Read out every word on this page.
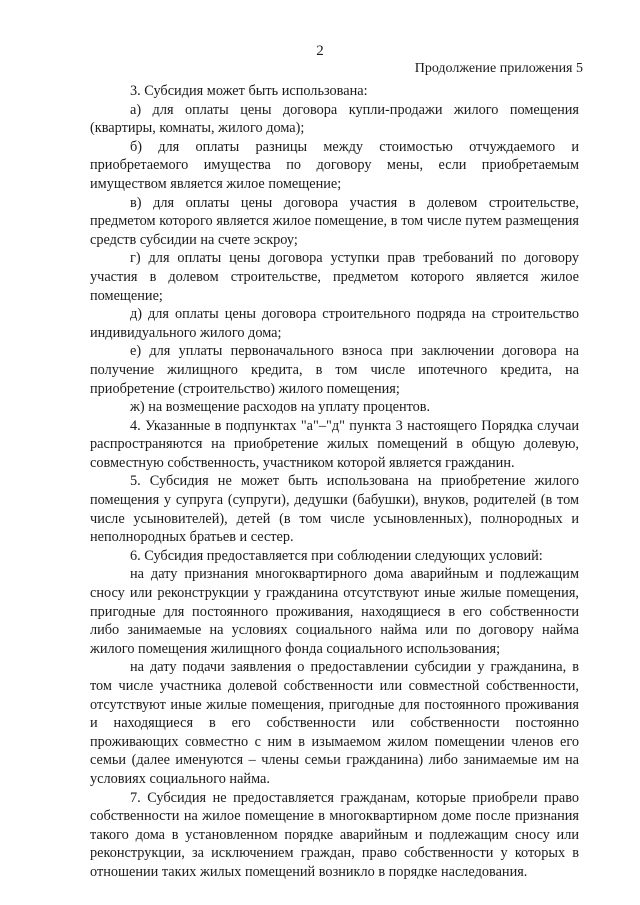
2
Продолжение приложения 5

3. Субсидия может быть использована:

а) для оплаты цены договора купли-продажи жилого помещения (квартиры, комнаты, жилого дома);

б) для оплаты разницы между стоимостью отчуждаемого и приобретаемого имущества по договору мены, если приобретаемым имуществом является жилое помещение;

в) для оплаты цены договора участия в долевом строительстве, предметом которого является жилое помещение, в том числе путем размещения средств субсидии на счете эскроу;

г) для оплаты цены договора уступки прав требований по договору участия в долевом строительстве, предметом которого является жилое помещение;

д) для оплаты цены договора строительного подряда на строительство индивидуального жилого дома;

е) для уплаты первоначального взноса при заключении договора на получение жилищного кредита, в том числе ипотечного кредита, на приобретение (строительство) жилого помещения;

ж) на возмещение расходов на уплату процентов.

4. Указанные в подпунктах "а"–"д" пункта 3 настоящего Порядка случаи распространяются на приобретение жилых помещений в общую долевую, совместную собственность, участником которой является гражданин.

5. Субсидия не может быть использована на приобретение жилого помещения у супруга (супруги), дедушки (бабушки), внуков, родителей (в том числе усыновителей), детей (в том числе усыновленных), полнородных и неполнородных братьев и сестер.

6. Субсидия предоставляется при соблюдении следующих условий:

на дату признания многоквартирного дома аварийным и подлежащим сносу или реконструкции у гражданина отсутствуют иные жилые помещения, пригодные для постоянного проживания, находящиеся в его собственности либо занимаемые на условиях социального найма или по договору найма жилого помещения жилищного фонда социального использования;

на дату подачи заявления о предоставлении субсидии у гражданина, в том числе участника долевой собственности или совместной собственности, отсутствуют иные жилые помещения, пригодные для постоянного проживания и находящиеся в его собственности или собственности постоянно проживающих совместно с ним в изымаемом жилом помещении членов его семьи (далее именуются – члены семьи гражданина) либо занимаемые им на условиях социального найма.

7. Субсидия не предоставляется гражданам, которые приобрели право собственности на жилое помещение в многоквартирном доме после признания такого дома в установленном порядке аварийным и подлежащим сносу или реконструкции, за исключением граждан, право собственности у которых в отношении таких жилых помещений возникло в порядке наследования.
